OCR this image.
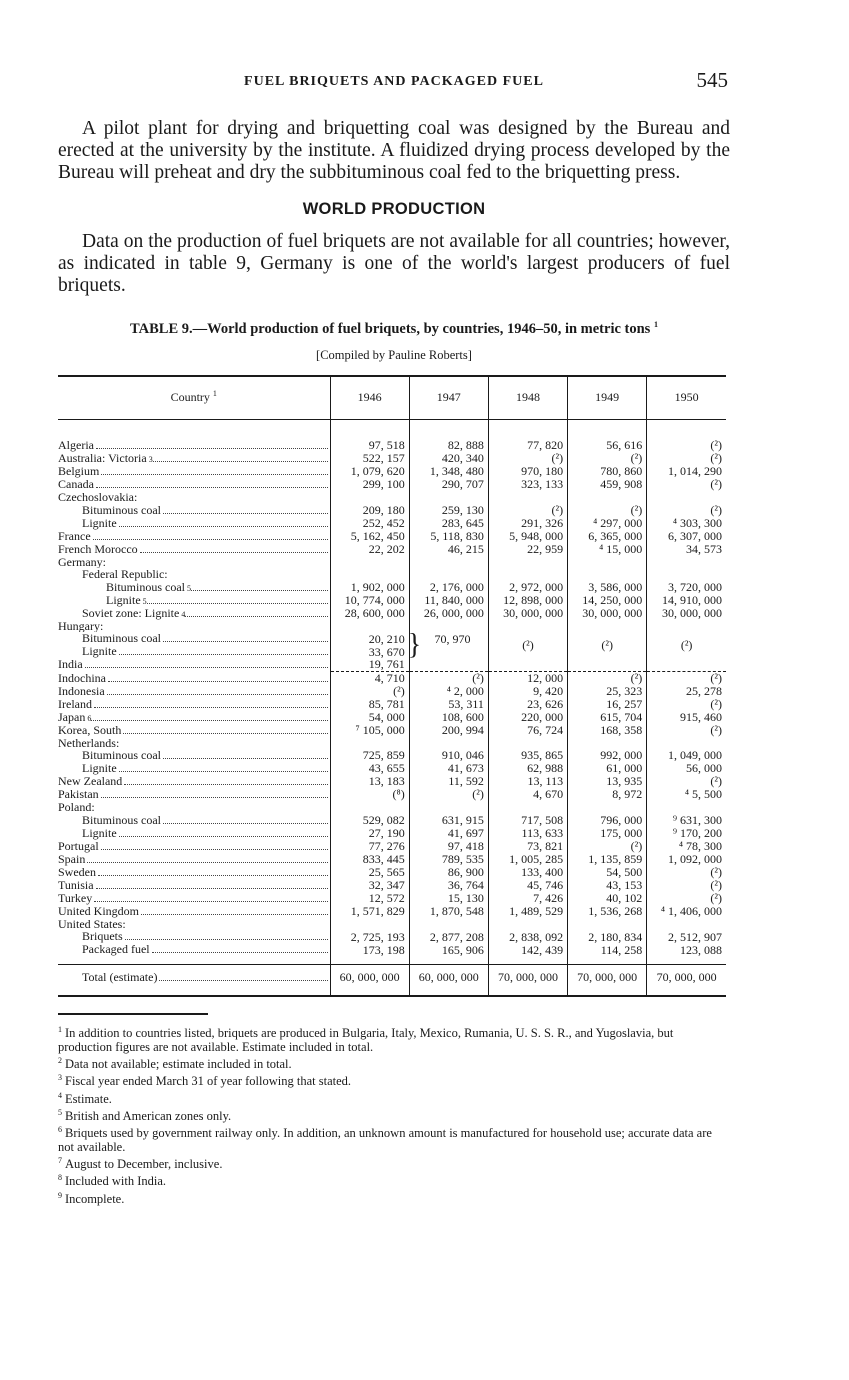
FUEL BRIQUETS AND PACKAGED FUEL	545

A pilot plant for drying and briquetting coal was designed by the Bureau and erected at the university by the institute. A fluidized drying process developed by the Bureau will preheat and dry the subbituminous coal fed to the briquetting press.

WORLD PRODUCTION

Data on the production of fuel briquets are not available for all countries; however, as indicated in table 9, Germany is one of the world's largest producers of fuel briquets.

TABLE 9.—World production of fuel briquets, by countries, 1946–50, in metric tons $^1$
[Compiled by Pauline Roberts]
Country $^1$	1946	1947	1948	1949	1950

Algeria	97, 518	82, 888	77, 820	56, 616	(²)

Australia: Victoria 3	522, 157	420, 340	(²)	(²)	(²)

Belgium	1, 079, 620	1, 348, 480	970, 180	780, 860	1, 014, 290

Canada	299, 100	290, 707	323, 133	459, 908	(²)

Czechoslovakia:					

Bituminous coal	209, 180	259, 130	(²)	(²)	(²)

Lignite	252, 452	283, 645	291, 326	⁴ 297, 000	⁴ 303, 300

France	5, 162, 450	5, 118, 830	5, 948, 000	6, 365, 000	6, 307, 000

French Morocco	22, 202	46, 215	22, 959	⁴ 15, 000	34, 573

Germany:					

Federal Republic:					

Bituminous coal 5	1, 902, 000	2, 176, 000	2, 972, 000	3, 586, 000	3, 720, 000

Lignite 5	10, 774, 000	11, 840, 000	12, 898, 000	14, 250, 000	14, 910, 000

Soviet zone: Lignite 4	28, 600, 000	26, 000, 000	30, 000, 000	30, 000, 000	30, 000, 000

Hungary:					

Bituminous coal	20, 210	} 70, 970	(²)	(²)	(²)

Lignite	33, 670				

India	19, 761				

Indochina	4, 710	(²)	12, 000	(²)	(²)

Indonesia	(²)	⁴ 2, 000	9, 420	25, 323	25, 278

Ireland	85, 781	53, 311	23, 626	16, 257	(²)

Japan 6	54, 000	108, 600	220, 000	615, 704	915, 460

Korea, South	⁷ 105, 000	200, 994	76, 724	168, 358	(²)

Netherlands:					

Bituminous coal	725, 859	910, 046	935, 865	992, 000	1, 049, 000

Lignite	43, 655	41, 673	62, 988	61, 000	56, 000

New Zealand	13, 183	11, 592	13, 113	13, 935	(²)

Pakistan	(⁸)	(²)	4, 670	8, 972	⁴ 5, 500

Poland:					

Bituminous coal	529, 082	631, 915	717, 508	796, 000	⁹ 631, 300

Lignite	27, 190	41, 697	113, 633	175, 000	⁹ 170, 200

Portugal	77, 276	97, 418	73, 821	(²)	⁴ 78, 300

Spain	833, 445	789, 535	1, 005, 285	1, 135, 859	1, 092, 000

Sweden	25, 565	86, 900	133, 400	54, 500	(²)

Tunisia	32, 347	36, 764	45, 746	43, 153	(²)

Turkey	12, 572	15, 130	7, 426	40, 102	(²)

United Kingdom	1, 571, 829	1, 870, 548	1, 489, 529	1, 536, 268	⁴ 1, 406, 000

United States:					

Briquets	2, 725, 193	2, 877, 208	2, 838, 092	2, 180, 834	2, 512, 907

Packaged fuel	173, 198	165, 906	142, 439	114, 258	123, 088

Total (estimate)	60, 000, 000	60, 000, 000	70, 000, 000	70, 000, 000	70, 000, 000

$^1$ In addition to countries listed, briquets are produced in Bulgaria, Italy, Mexico, Rumania, U. S. S. R., and Yugoslavia, but production figures are not available. Estimate included in total.
$^2$ Data not available; estimate included in total.
$^3$ Fiscal year ended March 31 of year following that stated.
$^4$ Estimate.
$^5$ British and American zones only.
$^6$ Briquets used by government railway only. In addition, an unknown amount is manufactured for household use; accurate data are not available.
$^7$ August to December, inclusive.
$^8$ Included with India.
$^9$ Incomplete.
